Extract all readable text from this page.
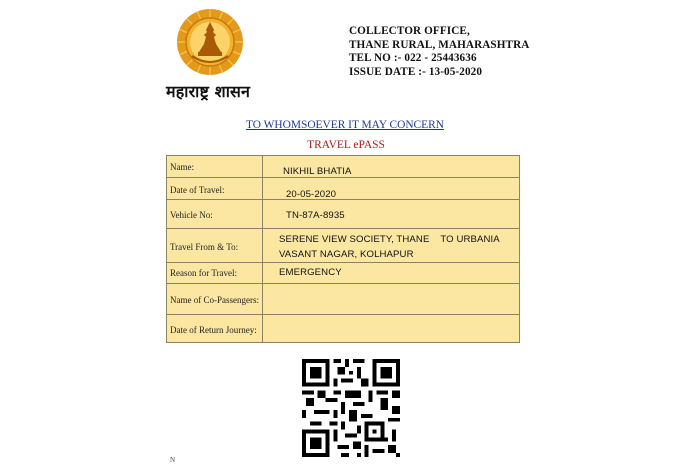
महाराष्ट्र शासन
COLLECTOR OFFICE,
THANE RURAL, MAHARASHTRA
TEL NO :- 022 - 25443636
ISSUE DATE :- 13-05-2020
TO WHOMSOEVER IT MAY CONCERN
TRAVEL ePASS
Name:	NIKHIL BHATIA
Date of Travel:	20-05-2020
Vehicle No:	TN-87A-8935
Travel From & To:
SERENE VIEW SOCIETY, THANE    TO URBANIA
VASANT NAGAR, KOLHAPUR
Reason for Travel:	EMERGENCY
Name of Co-Passengers:
Date of Return Journey:
N
